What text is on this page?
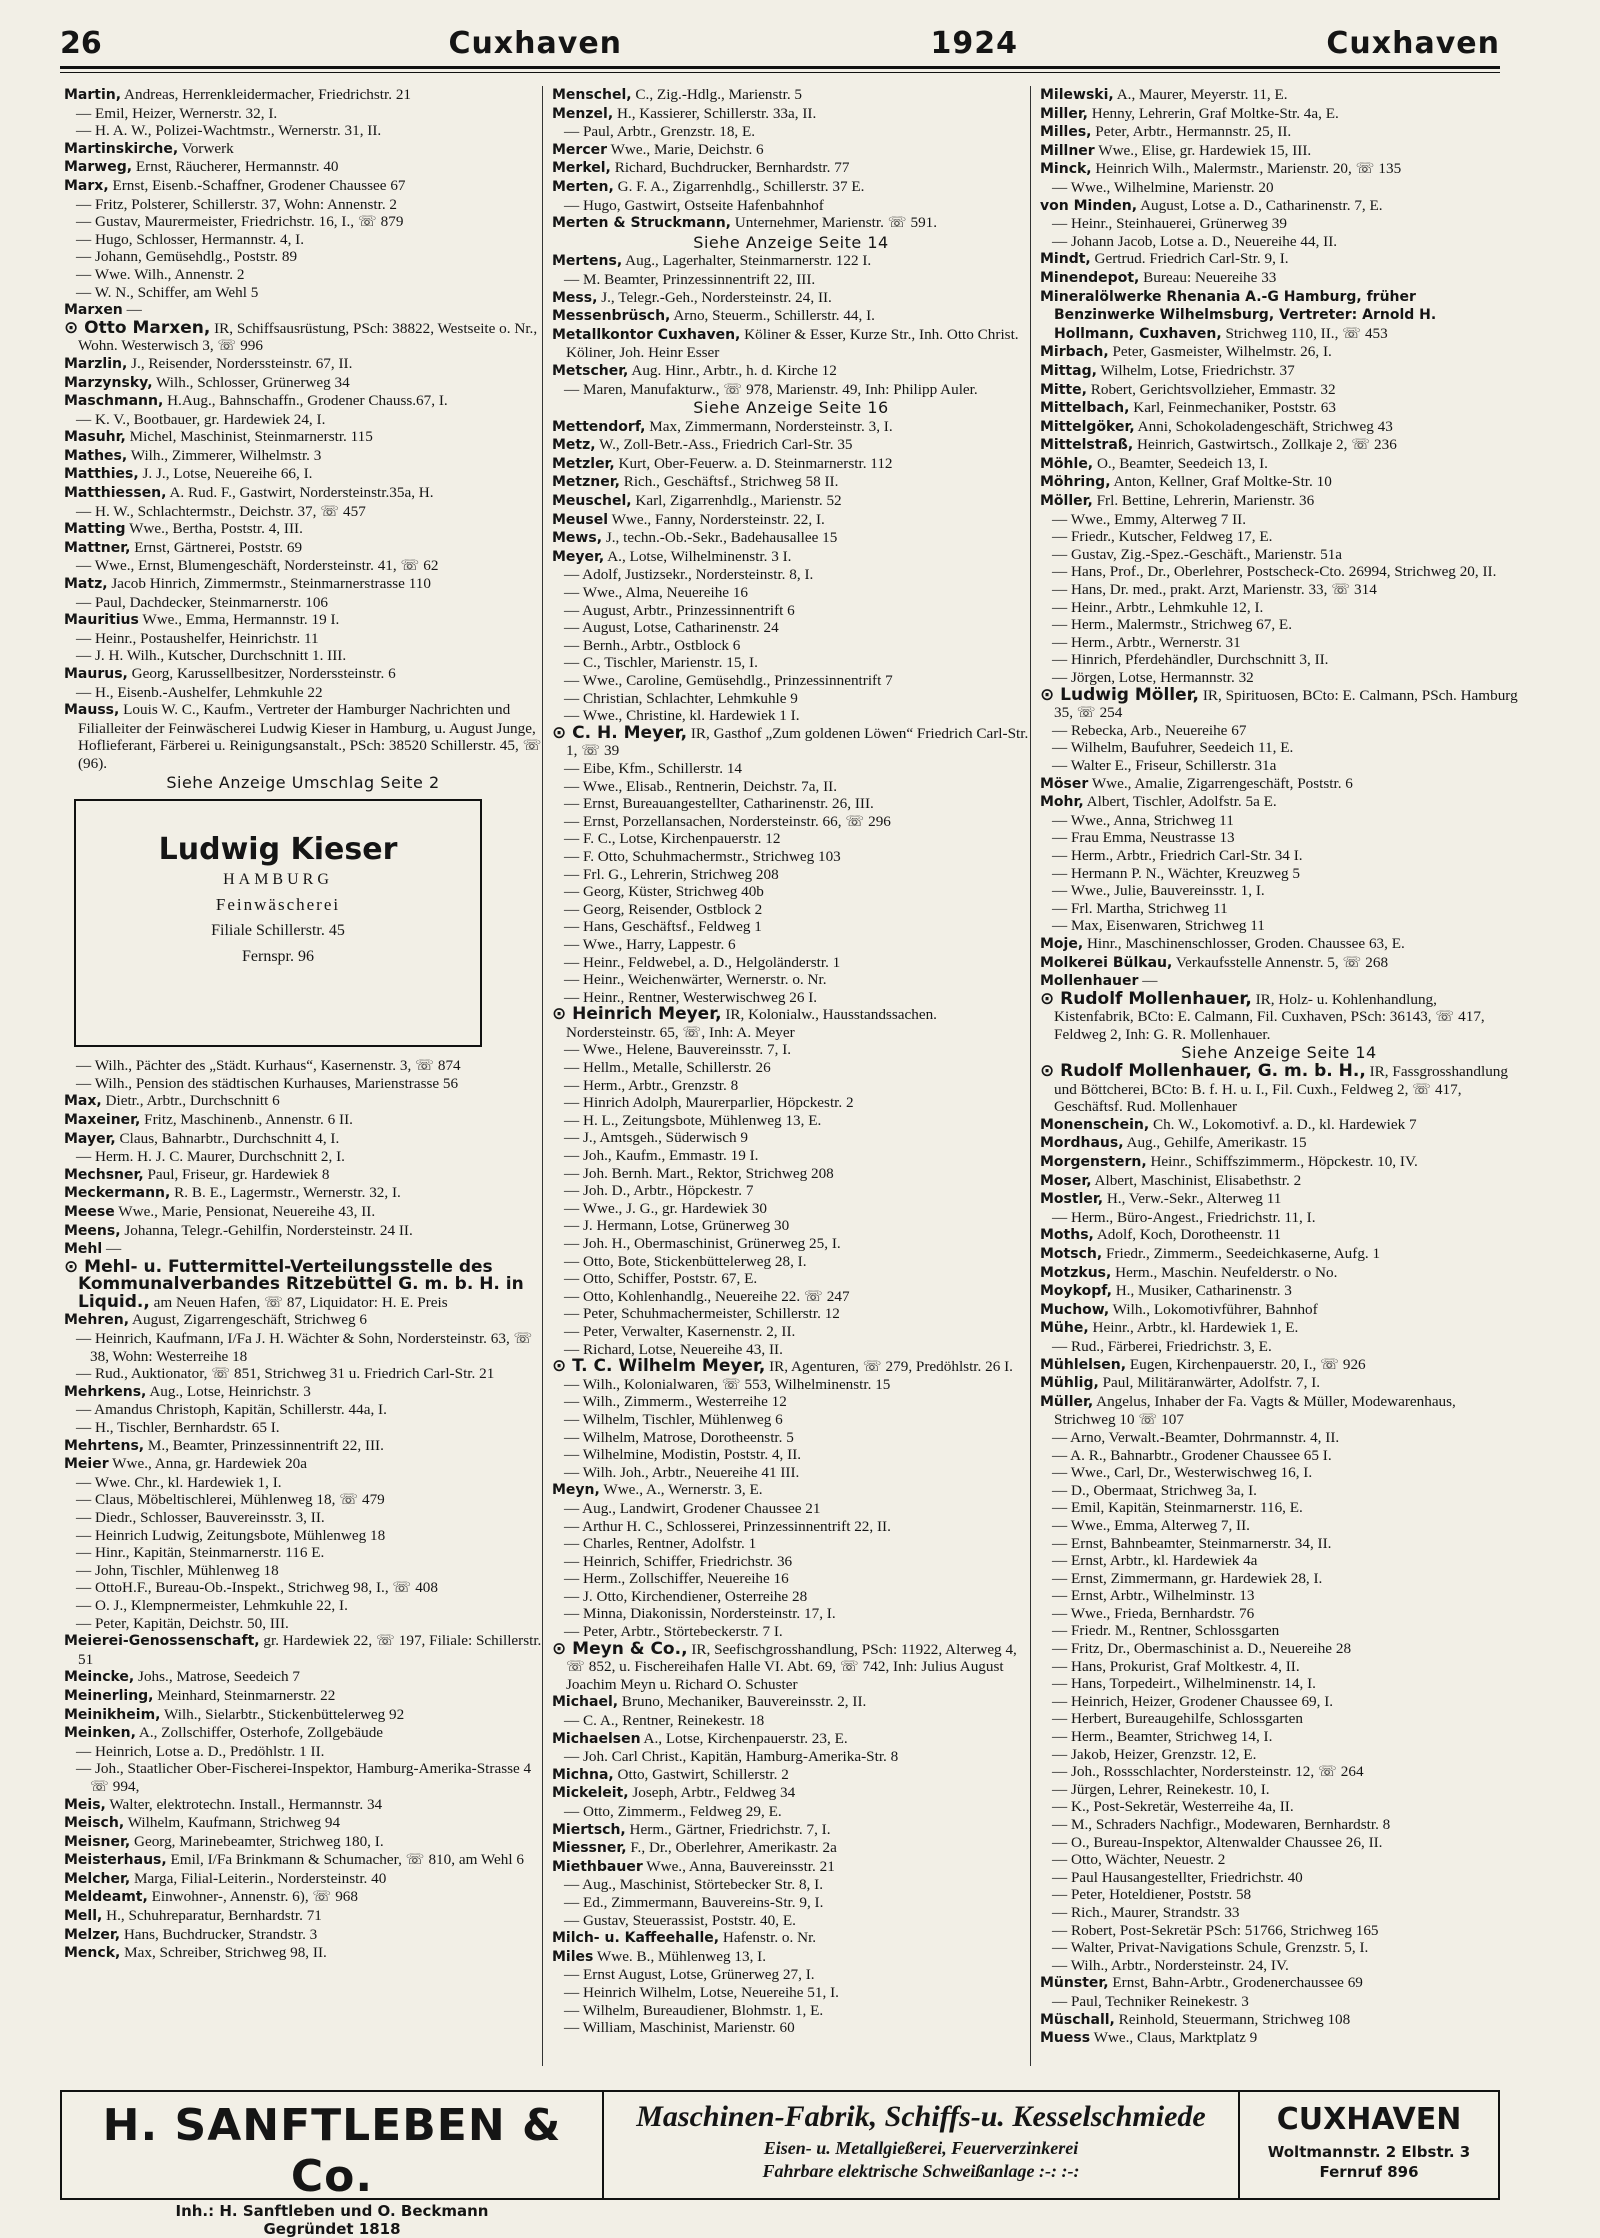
26	Cuxhaven	1924	Cuxhaven

Martin, Andreas, Herrenkleidermacher, Friedrichstr. 21

— Emil, Heizer, Wernerstr. 32, I.

— H. A. W., Polizei-Wachtmstr., Wernerstr. 31, II.

Martinskirche, Vorwerk

Marweg, Ernst, Räucherer, Hermannstr. 40

Marx, Ernst, Eisenb.-Schaffner, Grodener Chaussee 67

— Fritz, Polsterer, Schillerstr. 37, Wohn: Annenstr. 2

— Gustav, Maurermeister, Friedrichstr. 16, I., ☏ 879

— Hugo, Schlosser, Hermannstr. 4, I.

— Johann, Gemüsehdlg., Poststr. 89

— Wwe. Wilh., Annenstr. 2

— W. N., Schiffer, am Wehl 5

Marxen —

⊙ Otto Marxen, IR, Schiffsausrüstung, PSch: 38822, Westseite o. Nr., Wohn. Westerwisch 3, ☏ 996

Marzlin, J., Reisender, Norderssteinstr. 67, II.

Marzynsky, Wilh., Schlosser, Grünerweg 34

Maschmann, H.Aug., Bahnschaffn., Grodener Chauss.67, I.

— K. V., Bootbauer, gr. Hardewiek 24, I.

Masuhr, Michel, Maschinist, Steinmarnerstr. 115

Mathes, Wilh., Zimmerer, Wilhelmstr. 3

Matthies, J. J., Lotse, Neuereihe 66, I.

Matthiessen, A. Rud. F., Gastwirt, Nordersteinstr.35a, H.

— H. W., Schlachtermstr., Deichstr. 37, ☏ 457

Matting Wwe., Bertha, Poststr. 4, III.

Mattner, Ernst, Gärtnerei, Poststr. 69

— Wwe., Ernst, Blumengeschäft, Nordersteinstr. 41, ☏ 62

Matz, Jacob Hinrich, Zimmermstr., Steinmarnerstrasse 110

— Paul, Dachdecker, Steinmarnerstr. 106

Mauritius Wwe., Emma, Hermannstr. 19 I.

— Heinr., Postaushelfer, Heinrichstr. 11

— J. H. Wilh., Kutscher, Durchschnitt 1. III.

Maurus, Georg, Karussellbesitzer, Norderssteinstr. 6

— H., Eisenb.-Aushelfer, Lehmkuhle 22

Mauss, Louis W. C., Kaufm., Vertreter der Hamburger Nachrichten und Filialleiter der Feinwäscherei Ludwig Kieser in Hamburg, u. August Junge, Hoflieferant, Färberei u. Reinigungsanstalt., PSch: 38520 Schillerstr. 45, ☏ (96).

Siehe Anzeige Umschlag Seite 2
Ludwig Kieser
HAMBURG
Feinwäscherei
Filiale Schillerstr. 45
Fernspr. 96

— Wilh., Pächter des „Städt. Kurhaus“, Kasernenstr. 3, ☏ 874

— Wilh., Pension des städtischen Kurhauses, Marienstrasse 56

Max, Dietr., Arbtr., Durchschnitt 6

Maxeiner, Fritz, Maschinenb., Annenstr. 6 II.

Mayer, Claus, Bahnarbtr., Durchschnitt 4, I.

— Herm. H. J. C. Maurer, Durchschnitt 2, I.

Mechsner, Paul, Friseur, gr. Hardewiek 8

Meckermann, R. B. E., Lagermstr., Wernerstr. 32, I.

Meese Wwe., Marie, Pensionat, Neuereihe 43, II.

Meens, Johanna, Telegr.-Gehilfin, Nordersteinstr. 24 II.

Mehl —

⊙ Mehl- u. Futtermittel-Verteilungsstelle des Kommunalverbandes Ritzebüttel G. m. b. H. in Liquid., am Neuen Hafen, ☏ 87, Liquidator: H. E. Preis

Mehren, August, Zigarrengeschäft, Strichweg 6

— Heinrich, Kaufmann, I/Fa J. H. Wächter & Sohn, Nordersteinstr. 63, ☏ 38, Wohn: Westerreihe 18

— Rud., Auktionator, ☏ 851, Strichweg 31 u. Friedrich Carl-Str. 21

Mehrkens, Aug., Lotse, Heinrichstr. 3

— Amandus Christoph, Kapitän, Schillerstr. 44a, I.

— H., Tischler, Bernhardstr. 65 I.

Mehrtens, M., Beamter, Prinzessinnentrift 22, III.

Meier Wwe., Anna, gr. Hardewiek 20a

— Wwe. Chr., kl. Hardewiek 1, I.

— Claus, Möbeltischlerei, Mühlenweg 18, ☏ 479

— Diedr., Schlosser, Bauvereinsstr. 3, II.

— Heinrich Ludwig, Zeitungsbote, Mühlenweg 18

— Hinr., Kapitän, Steinmarnerstr. 116 E.

— John, Tischler, Mühlenweg 18

— OttoH.F., Bureau-Ob.-Inspekt., Strichweg 98, I., ☏ 408

— O. J., Klempnermeister, Lehmkuhle 22, I.

— Peter, Kapitän, Deichstr. 50, III.

Meierei-Genossenschaft, gr. Hardewiek 22, ☏ 197, Filiale: Schillerstr. 51

Meincke, Johs., Matrose, Seedeich 7

Meinerling, Meinhard, Steinmarnerstr. 22

Meinikheim, Wilh., Sielarbtr., Stickenbüttelerweg 92

Meinken, A., Zollschiffer, Osterhofe, Zollgebäude

— Heinrich, Lotse a. D., Predöhlstr. 1 II.

— Joh., Staatlicher Ober-Fischerei-Inspektor, Hamburg-Amerika-Strasse 4 ☏ 994,

Meis, Walter, elektrotechn. Install., Hermannstr. 34

Meisch, Wilhelm, Kaufmann, Strichweg 94

Meisner, Georg, Marinebeamter, Strichweg 180, I.

Meisterhaus, Emil, I/Fa Brinkmann & Schumacher, ☏ 810, am Wehl 6

Melcher, Marga, Filial-Leiterin., Nordersteinstr. 40

Meldeamt, Einwohner-, Annenstr. 6), ☏ 968

Mell, H., Schuhreparatur, Bernhardstr. 71

Melzer, Hans, Buchdrucker, Strandstr. 3

Menck, Max, Schreiber, Strichweg 98, II.

Menschel, C., Zig.-Hdlg., Marienstr. 5

Menzel, H., Kassierer, Schillerstr. 33a, II.

— Paul, Arbtr., Grenzstr. 18, E.

Mercer Wwe., Marie, Deichstr. 6

Merkel, Richard, Buchdrucker, Bernhardstr. 77

Merten, G. F. A., Zigarrenhdlg., Schillerstr. 37 E.

— Hugo, Gastwirt, Ostseite Hafenbahnhof

Merten & Struckmann, Unternehmer, Marienstr. ☏ 591.

Siehe Anzeige Seite 14

Mertens, Aug., Lagerhalter, Steinmarnerstr. 122 I.

— M. Beamter, Prinzessinnentrift 22, III.

Mess, J., Telegr.-Geh., Nordersteinstr. 24, II.

Messenbrüsch, Arno, Steuerm., Schillerstr. 44, I.

Metallkontor Cuxhaven, Köliner & Esser, Kurze Str., Inh. Otto Christ. Köliner, Joh. Heinr Esser

Metscher, Aug. Hinr., Arbtr., h. d. Kirche 12

— Maren, Manufakturw., ☏ 978, Marienstr. 49, Inh: Philipp Auler.

Siehe Anzeige Seite 16

Mettendorf, Max, Zimmermann, Nordersteinstr. 3, I.

Metz, W., Zoll-Betr.-Ass., Friedrich Carl-Str. 35

Metzler, Kurt, Ober-Feuerw. a. D. Steinmarnerstr. 112

Metzner, Rich., Geschäftsf., Strichweg 58 II.

Meuschel, Karl, Zigarrenhdlg., Marienstr. 52

Meusel Wwe., Fanny, Nordersteinstr. 22, I.

Mews, J., techn.-Ob.-Sekr., Badehausallee 15

Meyer, A., Lotse, Wilhelminenstr. 3 I.

— Adolf, Justizsekr., Nordersteinstr. 8, I.

— Wwe., Alma, Neuereihe 16

— August, Arbtr., Prinzessinnentrift 6

— August, Lotse, Catharinenstr. 24

— Bernh., Arbtr., Ostblock 6

— C., Tischler, Marienstr. 15, I.

— Wwe., Caroline, Gemüsehdlg., Prinzessinnentrift 7

— Christian, Schlachter, Lehmkuhle 9

— Wwe., Christine, kl. Hardewiek 1 I.

⊙ C. H. Meyer, IR, Gasthof „Zum goldenen Löwen“ Friedrich Carl-Str. 1, ☏ 39

— Eibe, Kfm., Schillerstr. 14

— Wwe., Elisab., Rentnerin, Deichstr. 7a, II.

— Ernst, Bureauangestellter, Catharinenstr. 26, III.

— Ernst, Porzellansachen, Nordersteinstr. 66, ☏ 296

— F. C., Lotse, Kirchenpauerstr. 12

— F. Otto, Schuhmachermstr., Strichweg 103

— Frl. G., Lehrerin, Strichweg 208

— Georg, Küster, Strichweg 40b

— Georg, Reisender, Ostblock 2

— Hans, Geschäftsf., Feldweg 1

— Wwe., Harry, Lappestr. 6

— Heinr., Feldwebel, a. D., Helgoländerstr. 1

— Heinr., Weichenwärter, Wernerstr. o. Nr.

— Heinr., Rentner, Westerwischweg 26 I.

⊙ Heinrich Meyer, IR, Kolonialw., Hausstandssachen. Nordersteinstr. 65, ☏, Inh: A. Meyer

— Wwe., Helene, Bauvereinsstr. 7, I.

— Hellm., Metalle, Schillerstr. 26

— Herm., Arbtr., Grenzstr. 8

— Hinrich Adolph, Maurerparlier, Höpckestr. 2

— H. L., Zeitungsbote, Mühlenweg 13, E.

— J., Amtsgeh., Süderwisch 9

— Joh., Kaufm., Emmastr. 19 I.

— Joh. Bernh. Mart., Rektor, Strichweg 208

— Joh. D., Arbtr., Höpckestr. 7

— Wwe., J. G., gr. Hardewiek 30

— J. Hermann, Lotse, Grünerweg 30

— Joh. H., Obermaschinist, Grünerweg 25, I.

— Otto, Bote, Stickenbüttelerweg 28, I.

— Otto, Schiffer, Poststr. 67, E.

— Otto, Kohlenhandlg., Neuereihe 22. ☏ 247

— Peter, Schuhmachermeister, Schillerstr. 12

— Peter, Verwalter, Kasernenstr. 2, II.

— Richard, Lotse, Neuereihe 43, II.

⊙ T. C. Wilhelm Meyer, IR, Agenturen, ☏ 279, Predöhlstr. 26 I.

— Wilh., Kolonialwaren, ☏ 553, Wilhelminenstr. 15

— Wilh., Zimmerm., Westerreihe 12

— Wilhelm, Tischler, Mühlenweg 6

— Wilhelm, Matrose, Dorotheenstr. 5

— Wilhelmine, Modistin, Poststr. 4, II.

— Wilh. Joh., Arbtr., Neuereihe 41 III.

Meyn, Wwe., A., Wernerstr. 3, E.

— Aug., Landwirt, Grodener Chaussee 21

— Arthur H. C., Schlosserei, Prinzessinnentrift 22, II.

— Charles, Rentner, Adolfstr. 1

— Heinrich, Schiffer, Friedrichstr. 36

— Herm., Zollschiffer, Neuereihe 16

— J. Otto, Kirchendiener, Osterreihe 28

— Minna, Diakonissin, Nordersteinstr. 17, I.

— Peter, Arbtr., Störtebeckerstr. 7 I.

⊙ Meyn & Co., IR, Seefischgrosshandlung, PSch: 11922, Alterweg 4, ☏ 852, u. Fischereihafen Halle VI. Abt. 69, ☏ 742, Inh: Julius August Joachim Meyn u. Richard O. Schuster

Michael, Bruno, Mechaniker, Bauvereinsstr. 2, II.

— C. A., Rentner, Reinekestr. 18

Michaelsen A., Lotse, Kirchenpauerstr. 23, E.

— Joh. Carl Christ., Kapitän, Hamburg-Amerika-Str. 8

Michna, Otto, Gastwirt, Schillerstr. 2

Mickeleit, Joseph, Arbtr., Feldweg 34

— Otto, Zimmerm., Feldweg 29, E.

Miertsch, Herm., Gärtner, Friedrichstr. 7, I.

Miessner, F., Dr., Oberlehrer, Amerikastr. 2a

Miethbauer Wwe., Anna, Bauvereinsstr. 21

— Aug., Maschinist, Störtebecker Str. 8, I.

— Ed., Zimmermann, Bauvereins-Str. 9, I.

— Gustav, Steuerassist, Poststr. 40, E.

Milch- u. Kaffeehalle, Hafenstr. o. Nr.

Miles Wwe. B., Mühlenweg 13, I.

— Ernst August, Lotse, Grünerweg 27, I.

— Heinrich Wilhelm, Lotse, Neuereihe 51, I.

— Wilhelm, Bureaudiener, Blohmstr. 1, E.

— William, Maschinist, Marienstr. 60

Milewski, A., Maurer, Meyerstr. 11, E.

Miller, Henny, Lehrerin, Graf Moltke-Str. 4a, E.

Milles, Peter, Arbtr., Hermannstr. 25, II.

Millner Wwe., Elise, gr. Hardewiek 15, III.

Minck, Heinrich Wilh., Malermstr., Marienstr. 20, ☏ 135

— Wwe., Wilhelmine, Marienstr. 20

von Minden, August, Lotse a. D., Catharinenstr. 7, E.

— Heinr., Steinhauerei, Grünerweg 39

— Johann Jacob, Lotse a. D., Neuereihe 44, II.

Mindt, Gertrud. Friedrich Carl-Str. 9, I.

Minendepot, Bureau: Neuereihe 33

Mineralölwerke Rhenania A.-G Hamburg, früher Benzinwerke Wilhelmsburg, Vertreter: Arnold H. Hollmann, Cuxhaven, Strichweg 110, II., ☏ 453

Mirbach, Peter, Gasmeister, Wilhelmstr. 26, I.

Mittag, Wilhelm, Lotse, Friedrichstr. 37

Mitte, Robert, Gerichtsvollzieher, Emmastr. 32

Mittelbach, Karl, Feinmechaniker, Poststr. 63

Mittelgöker, Anni, Schokoladengeschäft, Strichweg 43

Mittelstraß, Heinrich, Gastwirtsch., Zollkaje 2, ☏ 236

Möhle, O., Beamter, Seedeich 13, I.

Möhring, Anton, Kellner, Graf Moltke-Str. 10

Möller, Frl. Bettine, Lehrerin, Marienstr. 36

— Wwe., Emmy, Alterweg 7 II.

— Friedr., Kutscher, Feldweg 17, E.

— Gustav, Zig.-Spez.-Geschäft., Marienstr. 51a

— Hans, Prof., Dr., Oberlehrer, Postscheck-Cto. 26994, Strichweg 20, II.

— Hans, Dr. med., prakt. Arzt, Marienstr. 33, ☏ 314

— Heinr., Arbtr., Lehmkuhle 12, I.

— Herm., Malermstr., Strichweg 67, E.

— Herm., Arbtr., Wernerstr. 31

— Hinrich, Pferdehändler, Durchschnitt 3, II.

— Jörgen, Lotse, Hermannstr. 32

⊙ Ludwig Möller, IR, Spirituosen, BCto: E. Calmann, PSch. Hamburg 35, ☏ 254

— Rebecka, Arb., Neuereihe 67

— Wilhelm, Baufuhrer, Seedeich 11, E.

— Walter E., Friseur, Schillerstr. 31a

Möser Wwe., Amalie, Zigarrengeschäft, Poststr. 6

Mohr, Albert, Tischler, Adolfstr. 5a E.

— Wwe., Anna, Strichweg 11

— Frau Emma, Neustrasse 13

— Herm., Arbtr., Friedrich Carl-Str. 34 I.

— Hermann P. N., Wächter, Kreuzweg 5

— Wwe., Julie, Bauvereinsstr. 1, I.

— Frl. Martha, Strichweg 11

— Max, Eisenwaren, Strichweg 11

Moje, Hinr., Maschinenschlosser, Groden. Chaussee 63, E.

Molkerei Bülkau, Verkaufsstelle Annenstr. 5, ☏ 268

Mollenhauer —

⊙ Rudolf Mollenhauer, IR, Holz- u. Kohlenhandlung, Kistenfabrik, BCto: E. Calmann, Fil. Cuxhaven, PSch: 36143, ☏ 417, Feldweg 2, Inh: G. R. Mollenhauer.

Siehe Anzeige Seite 14

⊙ Rudolf Mollenhauer, G. m. b. H., IR, Fassgrosshandlung und Böttcherei, BCto: B. f. H. u. I., Fil. Cuxh., Feldweg 2, ☏ 417, Geschäftsf. Rud. Mollenhauer

Monenschein, Ch. W., Lokomotivf. a. D., kl. Hardewiek 7

Mordhaus, Aug., Gehilfe, Amerikastr. 15

Morgenstern, Heinr., Schiffszimmerm., Höpckestr. 10, IV.

Moser, Albert, Maschinist, Elisabethstr. 2

Mostler, H., Verw.-Sekr., Alterweg 11

— Herm., Büro-Angest., Friedrichstr. 11, I.

Moths, Adolf, Koch, Dorotheenstr. 11

Motsch, Friedr., Zimmerm., Seedeichkaserne, Aufg. 1

Motzkus, Herm., Maschin. Neufelderstr. o No.

Moykopf, H., Musiker, Catharinenstr. 3

Muchow, Wilh., Lokomotivführer, Bahnhof

Mühe, Heinr., Arbtr., kl. Hardewiek 1, E.

— Rud., Färberei, Friedrichstr. 3, E.

Mühlelsen, Eugen, Kirchenpauerstr. 20, I., ☏ 926

Mühlig, Paul, Militäranwärter, Adolfstr. 7, I.

Müller, Angelus, Inhaber der Fa. Vagts & Müller, Modewarenhaus, Strichweg 10 ☏ 107

— Arno, Verwalt.-Beamter, Dohrmannstr. 4, II.

— A. R., Bahnarbtr., Grodener Chaussee 65 I.

— Wwe., Carl, Dr., Westerwischweg 16, I.

— D., Obermaat, Strichweg 3a, I.

— Emil, Kapitän, Steinmarnerstr. 116, E.

— Wwe., Emma, Alterweg 7, II.

— Ernst, Bahnbeamter, Steinmarnerstr. 34, II.

— Ernst, Arbtr., kl. Hardewiek 4a

— Ernst, Zimmermann, gr. Hardewiek 28, I.

— Ernst, Arbtr., Wilhelminstr. 13

— Wwe., Frieda, Bernhardstr. 76

— Friedr. M., Rentner, Schlossgarten

— Fritz, Dr., Obermaschinist a. D., Neuereihe 28

— Hans, Prokurist, Graf Moltkestr. 4, II.

— Hans, Torpedeirt., Wilhelminenstr. 14, I.

— Heinrich, Heizer, Grodener Chaussee 69, I.

— Herbert, Bureaugehilfe, Schlossgarten

— Herm., Beamter, Strichweg 14, I.

— Jakob, Heizer, Grenzstr. 12, E.

— Joh., Rossschlachter, Nordersteinstr. 12, ☏ 264

— Jürgen, Lehrer, Reinekestr. 10, I.

— K., Post-Sekretär, Westerreihe 4a, II.

— M., Schraders Nachfigr., Modewaren, Bernhardstr. 8

— O., Bureau-Inspektor, Altenwalder Chaussee 26, II.

— Otto, Wächter, Neuestr. 2

— Paul Hausangestellter, Friedrichstr. 40

— Peter, Hoteldiener, Poststr. 58

— Rich., Maurer, Strandstr. 33

— Robert, Post-Sekretär PSch: 51766, Strichweg 165

— Walter, Privat-Navigations Schule, Grenzstr. 5, I.

— Wilh., Arbtr., Nordersteinstr. 24, IV.

Münster, Ernst, Bahn-Arbtr., Grodenerchaussee 69

— Paul, Techniker Reinekestr. 3

Müschall, Reinhold, Steuermann, Strichweg 108

Muess Wwe., Claus, Marktplatz 9

H. SANFTLEBEN & Co.
Inh.: H. Sanftleben und O. Beckmann
Gegründet 1818
Maschinen-Fabrik, Schiffs-u. Kesselschmiede
Eisen- u. Metallgießerei, Feuerverzinkerei
Fahrbare elektrische Schweißanlage :-: :-:
CUXHAVEN
Woltmannstr. 2 Elbstr. 3
Fernruf 896
